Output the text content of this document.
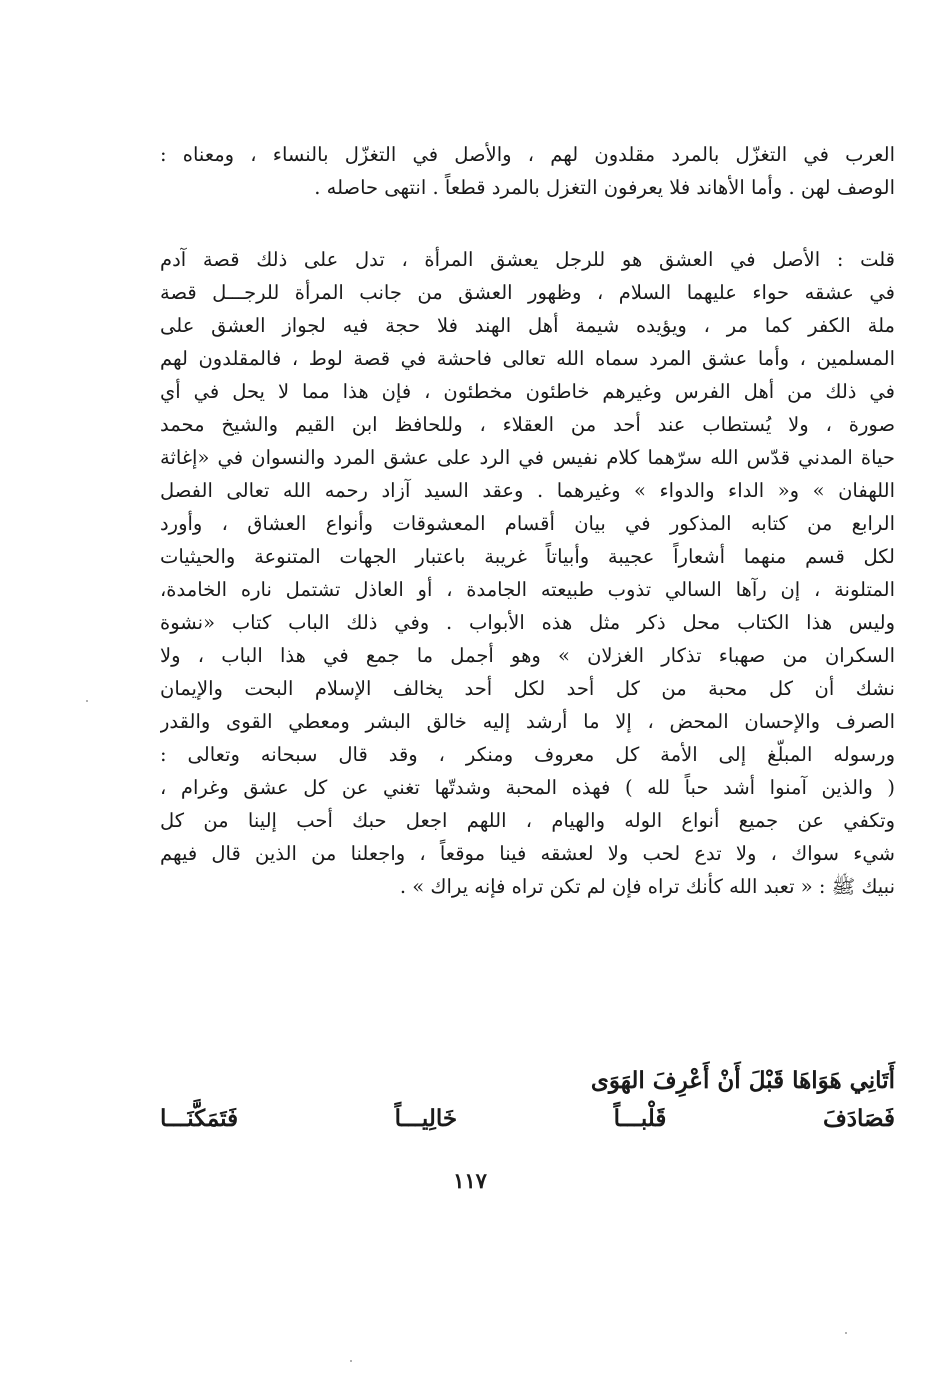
العرب في التغزّل بالمرد مقلدون لهم ، والأصل في التغزّل بالنساء ، ومعناه :
الوصف لهن . وأما الأهاند فلا يعرفون التغزل بالمرد قطعاً . انتهى حاصله .
قلت : الأصل في العشق هو للرجل يعشق المرأة ، تدل على ذلك قصة آدم
في عشقه حواء عليهما السلام ، وظهور العشق من جانب المرأة للرجـــل قصة
ملة الكفر كما مر ، ويؤيده شيمة أهل الهند فلا حجة فيه لجواز العشق على
المسلمين ، وأما عشق المرد سماه الله تعالى فاحشة في قصة لوط ، فالمقلدون لهم
في ذلك من أهل الفرس وغيرهم خاطئون مخطئون ، فإن هذا مما لا يحل في أي
صورة ، ولا يُستطاب عند أحد من العقلاء ، وللحافظ ابن القيم والشيخ محمد
حياة المدني قدّس الله سرّهما كلام نفيس في الرد على عشق المرد والنسوان في «إغاثة
اللهفان » و« الداء والدواء » وغيرهما . وعقد السيد آزاد رحمه الله تعالى الفصل
الرابع من كتابه المذكور في بيان أقسام المعشوقات وأنواع العشاق ، وأورد
لكل قسم منهما أشعاراً عجيبة وأبياتاً غريبة باعتبار الجهات المتنوعة والحيثيات
المتلونة ، إن رآها السالي تذوب طبيعته الجامدة ، أو العاذل تشتمل ناره الخامدة،
وليس هذا الكتاب محل ذكر مثل هذه الأبواب . وفي ذلك الباب كتاب «نشوة
السكران من صهباء تذكار الغزلان » وهو أجمل ما جمع في هذا الباب ، ولا
نشك أن كل محبة من كل أحد لكل أحد يخالف الإسلام البحت والإيمان
الصرف والإحسان المحض ، إلا ما أرشد إليه خالق البشر ومعطي القوى والقدر
ورسوله المبلّغ إلى الأمة كل معروف ومنكر ، وقد قال سبحانه وتعالى :
( والذين آمنوا أشد حباً لله ) فهذه المحبة وشدتّها تغني عن كل عشق وغرام ،
وتكفي عن جميع أنواع الوله والهيام ، اللهم اجعل حبك أحب إلينا من كل
شيء سواك ، ولا تدع لحب ولا لعشقه فينا موقعاً ، واجعلنا من الذين قال فيهم
نبيك ﷺ : « تعبد الله كأنك تراه فإن لم تكن تراه فإنه يراك » .
أَتَانِي هَوَاهَا قَبْلَ أَنْ أَعْرِفَ الهَوَى
فَصَادَفَ قَلْبـــاً خَالِيـــاً فَتَمَكَّنَـــا
١١٧
